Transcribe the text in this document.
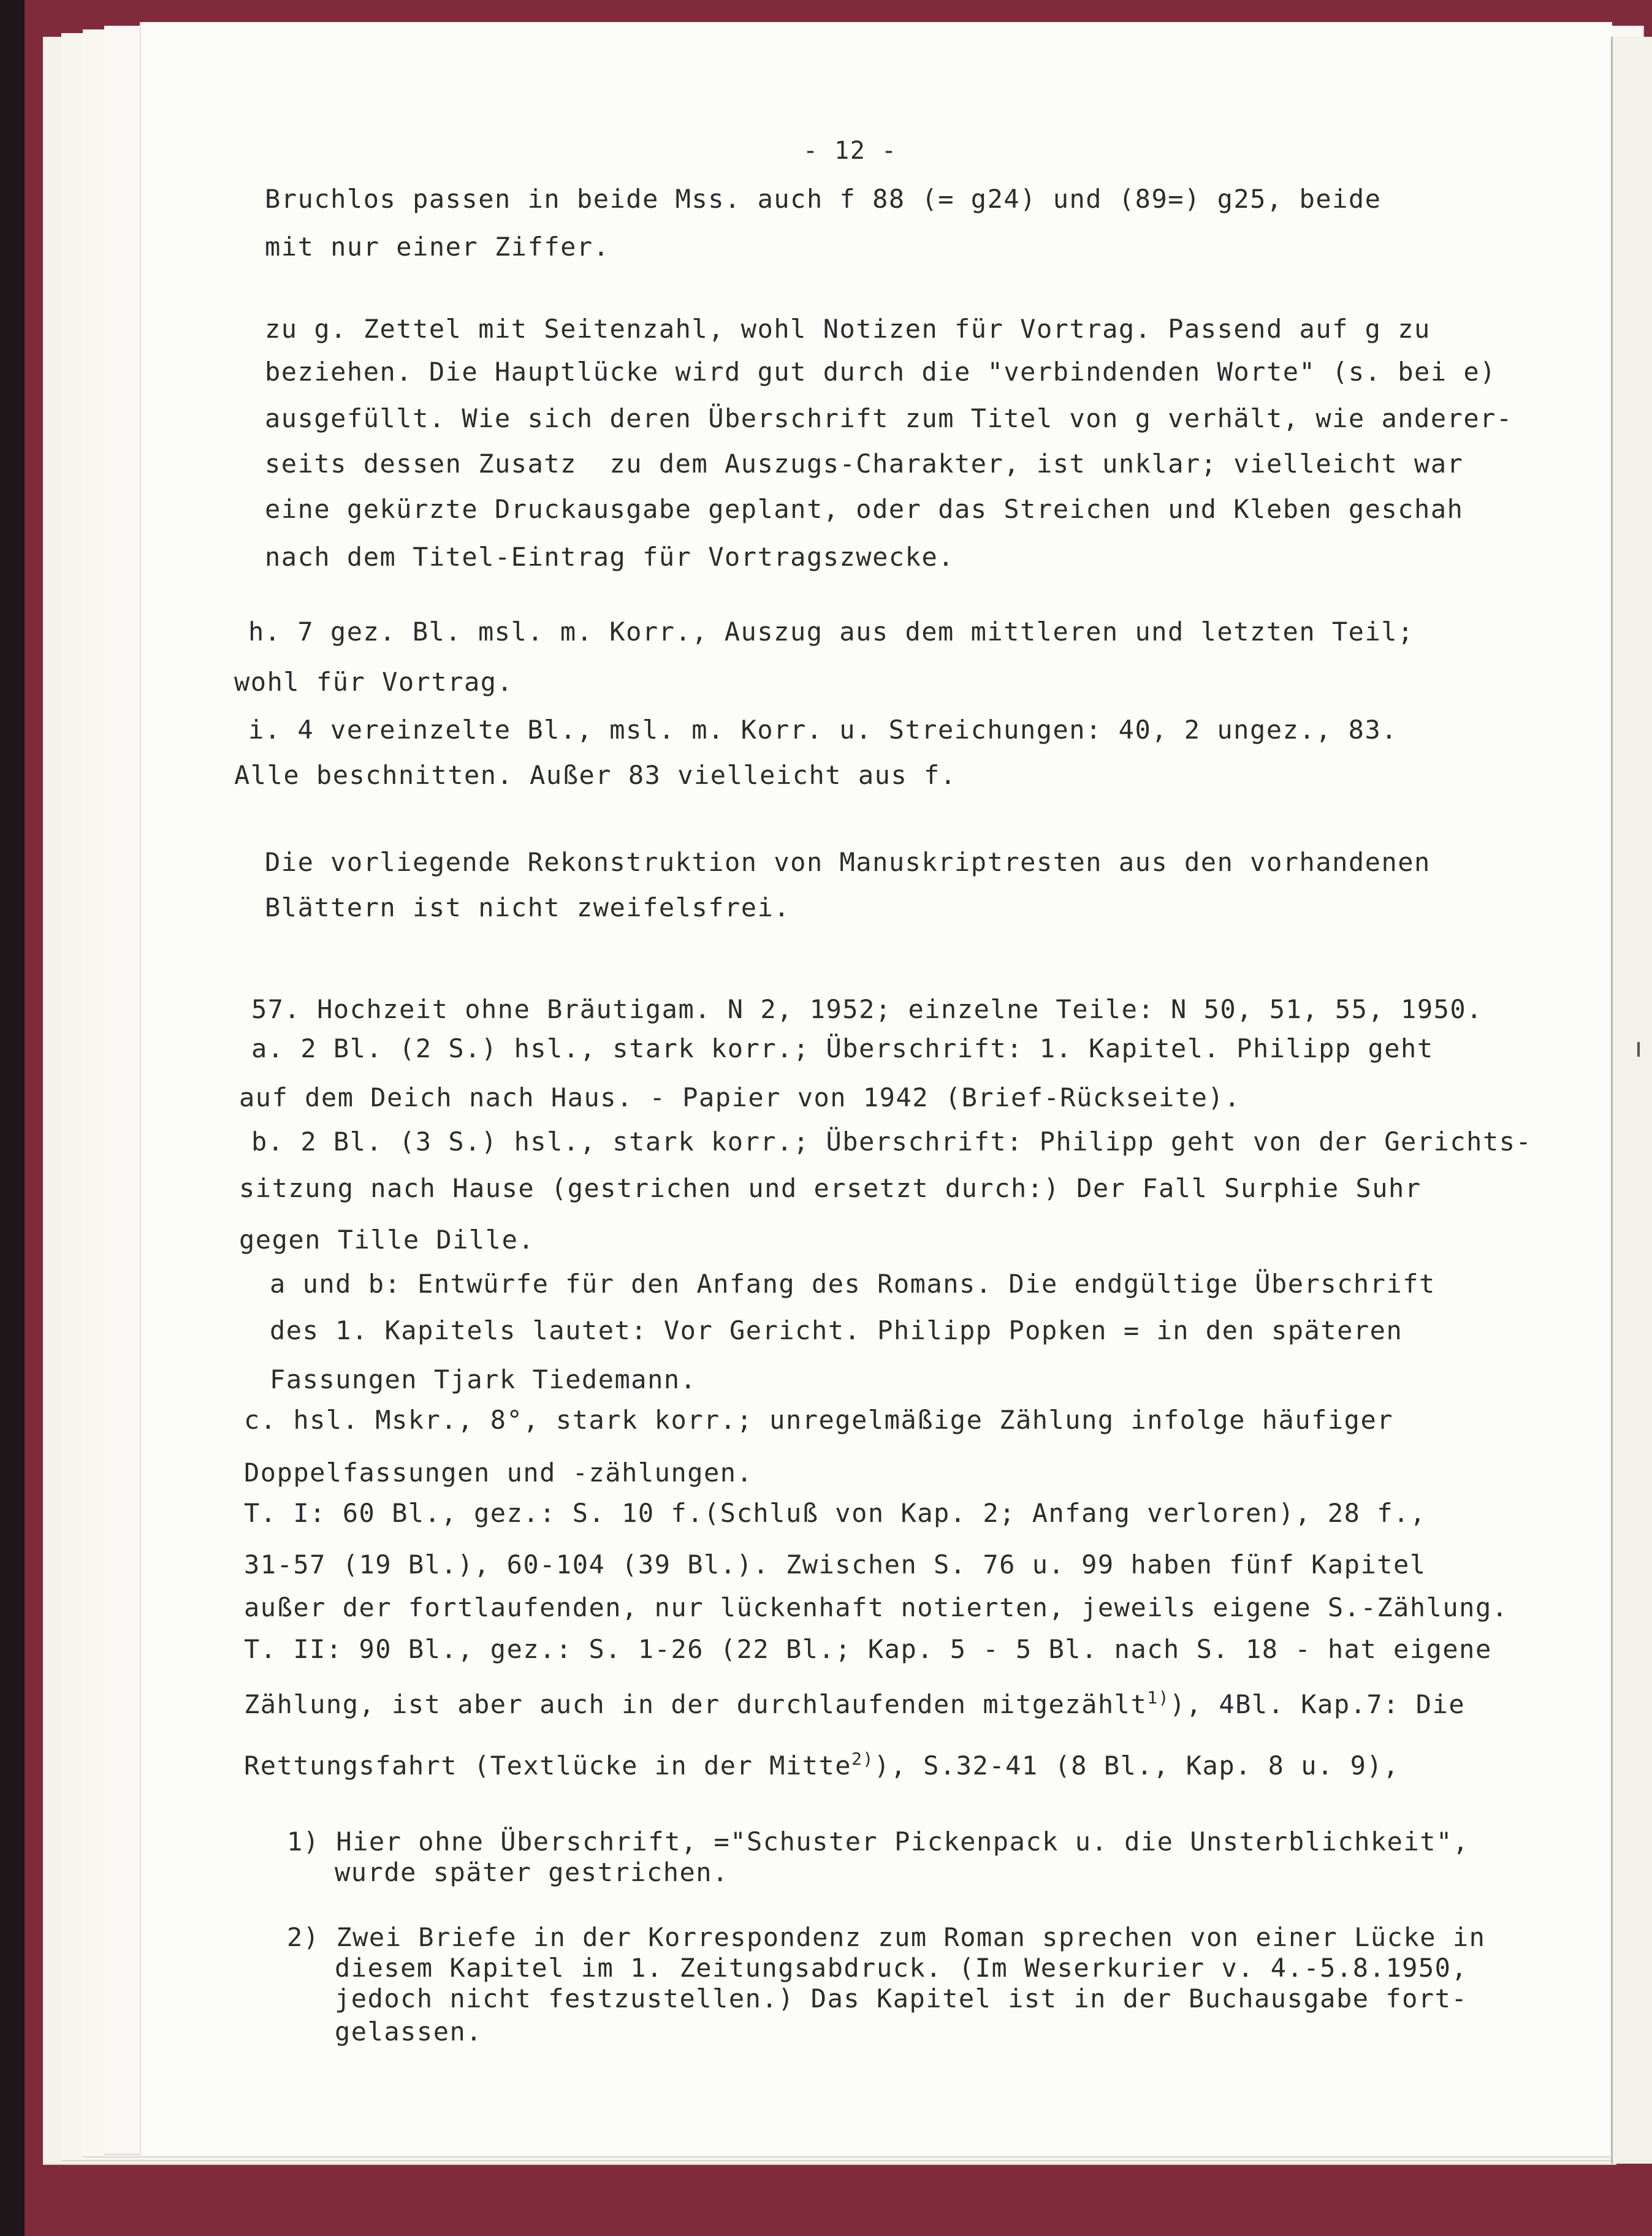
- 12 -
Bruchlos passen in beide Mss. auch f 88 (= g24) und (89=) g25, beide
mit nur einer Ziffer.
zu g. Zettel mit Seitenzahl, wohl Notizen für Vortrag. Passend auf g zu
beziehen. Die Hauptlücke wird gut durch die "verbindenden Worte" (s. bei e)
ausgefüllt. Wie sich deren Überschrift zum Titel von g verhält, wie anderer-
seits dessen Zusatz  zu dem Auszugs-Charakter, ist unklar; vielleicht war
eine gekürzte Druckausgabe geplant, oder das Streichen und Kleben geschah
nach dem Titel-Eintrag für Vortragszwecke.
h. 7 gez. Bl. msl. m. Korr., Auszug aus dem mittleren und letzten Teil;
wohl für Vortrag.
i. 4 vereinzelte Bl., msl. m. Korr. u. Streichungen: 40, 2 ungez., 83.
Alle beschnitten. Außer 83 vielleicht aus f.
Die vorliegende Rekonstruktion von Manuskriptresten aus den vorhandenen
Blättern ist nicht zweifelsfrei.
57. Hochzeit ohne Bräutigam. N 2, 1952; einzelne Teile: N 50, 51, 55, 1950.
a. 2 Bl. (2 S.) hsl., stark korr.; Überschrift: 1. Kapitel. Philipp geht
auf dem Deich nach Haus. - Papier von 1942 (Brief-Rückseite).
b. 2 Bl. (3 S.) hsl., stark korr.; Überschrift: Philipp geht von der Gerichts-
sitzung nach Hause (gestrichen und ersetzt durch:) Der Fall Surphie Suhr
gegen Tille Dille.
a und b: Entwürfe für den Anfang des Romans. Die endgültige Überschrift
des 1. Kapitels lautet: Vor Gericht. Philipp Popken = in den späteren
Fassungen Tjark Tiedemann.
c. hsl. Mskr., 8°, stark korr.; unregelmäßige Zählung infolge häufiger
Doppelfassungen und -zählungen.
T. I: 60 Bl., gez.: S. 10 f.(Schluß von Kap. 2; Anfang verloren), 28 f.,
31-57 (19 Bl.), 60-104 (39 Bl.). Zwischen S. 76 u. 99 haben fünf Kapitel
außer der fortlaufenden, nur lückenhaft notierten, jeweils eigene S.-Zählung.
T. II: 90 Bl., gez.: S. 1-26 (22 Bl.; Kap. 5 - 5 Bl. nach S. 18 - hat eigene
Zählung, ist aber auch in der durchlaufenden mitgezählt$^{1)}$), 4Bl. Kap.7: Die
Rettungsfahrt (Textlücke in der Mitte$^{2)}$), S.32-41 (8 Bl., Kap. 8 u. 9),
1) Hier ohne Überschrift, ="Schuster Pickenpack u. die Unsterblichkeit",
wurde später gestrichen.
2) Zwei Briefe in der Korrespondenz zum Roman sprechen von einer Lücke in
diesem Kapitel im 1. Zeitungsabdruck. (Im Weserkurier v. 4.-5.8.1950,
jedoch nicht festzustellen.) Das Kapitel ist in der Buchausgabe fort-
gelassen.
